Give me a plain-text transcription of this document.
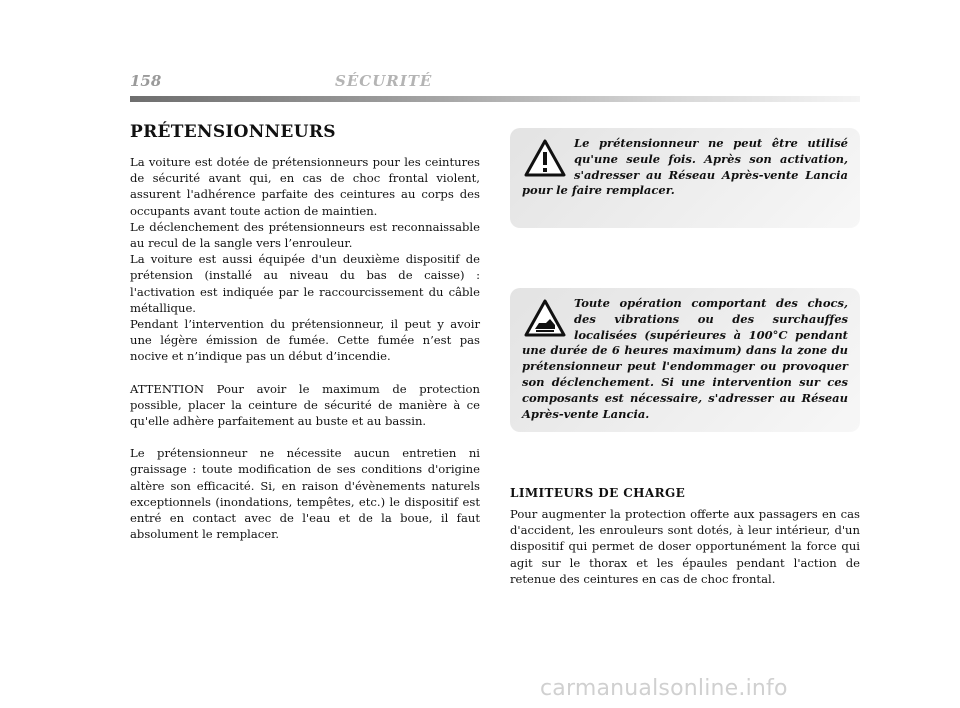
158	SÉCURITÉ
PRÉTENSIONNEURS

La voiture est dotée de prétensionneurs pour les ceintures de sécurité avant qui, en cas de choc frontal violent, assurent l'adhérence parfaite des ceintures au corps des occupants avant toute action de maintien.

Le déclenchement des prétensionneurs est reconnaissable au recul de la sangle vers l’enrouleur.

La voiture est aussi équipée d'un deuxième dispositif de prétension (installé au niveau du bas de caisse) : l'activation est indiquée par le raccourcissement du câble métallique.

Pendant l’intervention du prétensionneur, il peut y avoir une légère émission de fumée. Cette fumée n’est pas nocive et n’indique pas un début d’incendie.

ATTENTION Pour avoir le maximum de protection possible, placer la ceinture de sécurité de manière à ce qu'elle adhère parfaitement au buste et au bassin.

Le prétensionneur ne nécessite aucun entretien ni graissage : toute modification de ses conditions d'origine altère son efficacité. Si, en raison d'évènements naturels exceptionnels (inondations, tempêtes, etc.) le dispositif est entré en contact avec de l'eau et de la boue, il faut absolument le remplacer.

Le prétensionneur ne peut être utilisé qu'une seule fois. Après son activation, s'adresser au Réseau Après-vente Lancia pour le faire remplacer.

Toute opération comportant des chocs, des vibrations ou des surchauffes localisées (supérieures à 100°C pendant une durée de 6 heures maximum) dans la zone du prétensionneur peut l'endommager ou provoquer son déclenchement. Si une intervention sur ces composants est nécessaire, s'adresser au Réseau Après-vente Lancia.

LIMITEURS DE CHARGE

Pour augmenter la protection offerte aux passagers en cas d'accident, les enrouleurs sont dotés, à leur intérieur, d'un dispositif qui permet de doser opportunément la force qui agit sur le thorax et les épaules pendant l'action de retenue des ceintures en cas de choc frontal.

carmanualsonline.info
